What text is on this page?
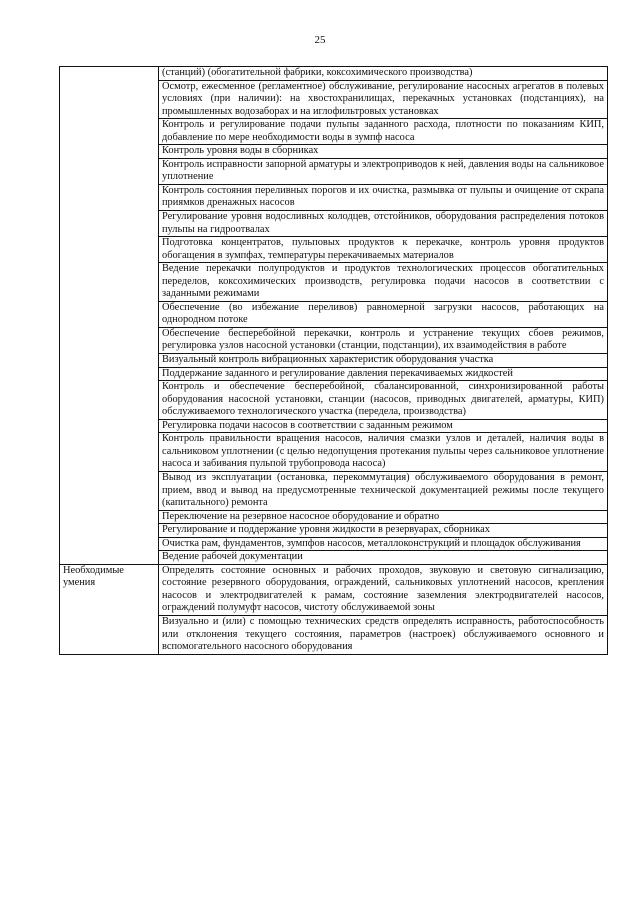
25
	(станций) (обогатительной фабрики, коксохимического производства)
	Осмотр, ежесменное (регламентное) обслуживание, регулирование насосных агрегатов в полевых условиях (при наличии): на хвостохранилищах, перекачных установках (подстанциях), на промышленных водозаборах и на иглофильтровых установках
	Контроль и регулирование подачи пульпы заданного расхода, плотности по показаниям КИП, добавление по мере необходимости воды в зумпф насоса
	Контроль уровня воды в сборниках
	Контроль исправности запорной арматуры и электроприводов к ней, давления воды на сальниковое уплотнение
	Контроль состояния переливных порогов и их очистка, размывка от пульпы и очищение от скрапа приямков дренажных насосов
	Регулирование уровня водосливных колодцев, отстойников, оборудования распределения потоков пульпы на гидроотвалах
	Подготовка концентратов, пульповых продуктов к перекачке, контроль уровня продуктов обогащения в зумпфах, температуры перекачиваемых материалов
	Ведение перекачки полупродуктов и продуктов технологических процессов обогатительных переделов, коксохимических производств, регулировка подачи насосов в соответствии с заданными режимами
	Обеспечение (во избежание переливов) равномерной загрузки насосов, работающих на однородном потоке
	Обеспечение бесперебойной перекачки, контроль и устранение текущих сбоев режимов, регулировка узлов насосной установки (станции, подстанции), их взаимодействия в работе
	Визуальный контроль вибрационных характеристик оборудования участка
	Поддержание заданного и регулирование давления перекачиваемых жидкостей
	Контроль и обеспечение бесперебойной, сбалансированной, синхронизированной работы оборудования насосной установки, станции (насосов, приводных двигателей, арматуры, КИП) обслуживаемого технологического участка (передела, производства)
	Регулировка подачи насосов в соответствии с заданным режимом
	Контроль правильности вращения насосов, наличия смазки узлов и деталей, наличия воды в сальниковом уплотнении (с целью недопущения протекания пульпы через сальниковое уплотнение насоса и забивания пульпой трубопровода насоса)
	Вывод из эксплуатации (остановка, перекоммутация) обслуживаемого оборудования в ремонт, прием, ввод и вывод на предусмотренные технической документацией режимы после текущего (капитального) ремонта
	Переключение на резервное насосное оборудование и обратно
	Регулирование и поддержание уровня жидкости в резервуарах, сборниках
	Очистка рам, фундаментов, зумпфов насосов, металлоконструкций и площадок обслуживания
	Ведение рабочей документации
Необходимые умения	Определять состояние основных и рабочих проходов, звуковую и световую сигнализацию, состояние резервного оборудования, ограждений, сальниковых уплотнений насосов, крепления насосов и электродвигателей к рамам, состояние заземления электродвигателей насосов, ограждений полумуфт насосов, чистоту обслуживаемой зоны
	Визуально и (или) с помощью технических средств определять исправность, работоспособность или отклонения текущего состояния, параметров (настроек) обслуживаемого основного и вспомогательного насосного оборудования
